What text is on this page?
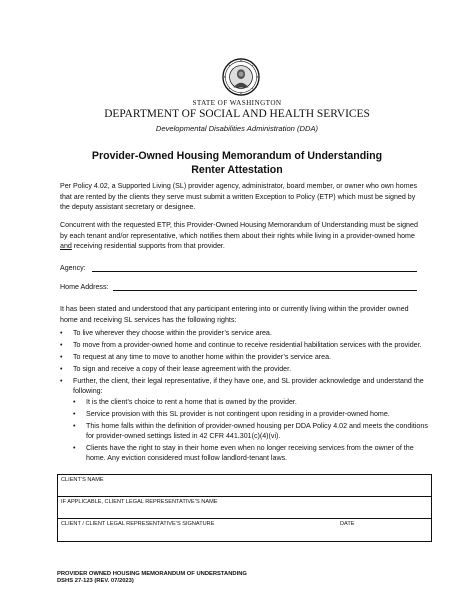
STATE OF WASHINGTON
DEPARTMENT OF SOCIAL AND HEALTH SERVICES
Developmental Disabilities Administration (DDA)
Provider-Owned Housing Memorandum of Understanding
Renter Attestation

Per Policy 4.02, a Supported Living (SL) provider agency, administrator, board member, or owner who own homes that are rented by the clients they serve must submit a written Exception to Policy (ETP) which must be signed by the deputy assistant secretary or designee.

Concurrent with the requested ETP, this Provider-Owned Housing Memorandum of Understanding must be signed by each tenant and/or representative, which notifies them about their rights while living in a provider-owned home and receiving residential supports from that provider.

Agency:
Home Address:

It has been stated and understood that any participant entering into or currently living within the provider owned home and receiving SL services has the following rights:

• To live wherever they choose within the provider’s service area.
• To move from a provider-owned home and continue to receive residential habilitation services with the provider.
• To request at any time to move to another home within the provider’s service area.
• To sign and receive a copy of their lease agreement with the provider.
• Further, the client, their legal representative, if they have one, and SL provider acknowledge and understand the following:
• It is the client’s choice to rent a home that is owned by the provider.
• Service provision with this SL provider is not contingent upon residing in a provider-owned home.
• This home falls within the definition of provider-owned housing per DDA Policy 4.02 and meets the conditions for provider-owned settings listed in 42 CFR 441.301(c)(4)(vi).
• Clients have the right to stay in their home even when no longer receiving services from the owner of the home. Any eviction considered must follow landlord-tenant laws.
CLIENT’S NAME
IF APPLICABLE, CLIENT LEGAL REPRESENTATIVE’S NAME
CLIENT / CLIENT LEGAL REPRESENTATIVE’S SIGNATURE	DATE
PROVIDER OWNED HOUSING MEMORANDUM OF UNDERSTANDING
DSHS 27-123 (REV. 07/2023)
